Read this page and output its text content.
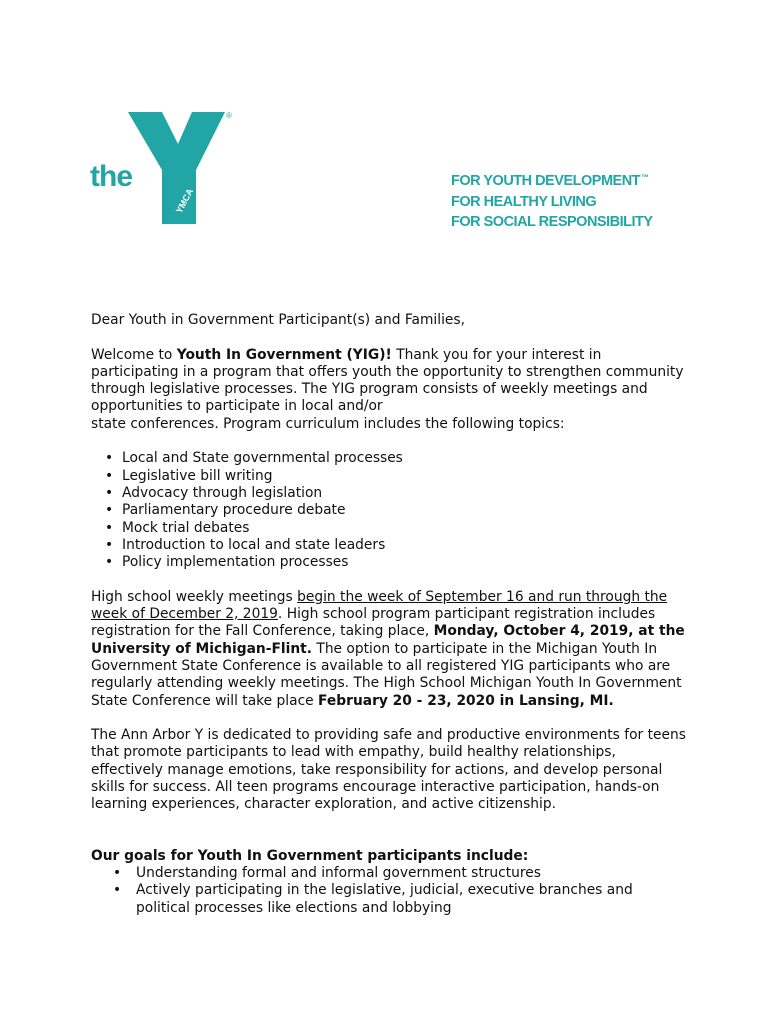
the
YMCA
®
FOR YOUTH DEVELOPMENT™
FOR HEALTHY LIVING
FOR SOCIAL RESPONSIBILITY

Dear Youth in Government Participant(s) and Families,

Welcome to Youth In Government (YIG)! Thank you for your interest in participating in a program that offers youth the opportunity to strengthen community through legislative processes. The YIG program consists of weekly meetings and opportunities to participate in local and/or
state conferences. Program curriculum includes the following topics:

• Local and State governmental processes
• Legislative bill writing
• Advocacy through legislation
• Parliamentary procedure debate
• Mock trial debates
• Introduction to local and state leaders
• Policy implementation processes

High school weekly meetings begin the week of September 16 and run through the week of December 2, 2019. High school program participant registration includes registration for the Fall Conference, taking place, Monday, October 4, 2019, at the University of Michigan-Flint. The option to participate in the Michigan Youth In Government State Conference is available to all registered YIG participants who are regularly attending weekly meetings. The High School Michigan Youth In Government State Conference will take place February 20 - 23, 2020 in Lansing, MI.

The Ann Arbor Y is dedicated to providing safe and productive environments for teens that promote participants to lead with empathy, build healthy relationships, effectively manage emotions, take responsibility for actions, and develop personal skills for success. All teen programs encourage interactive participation, hands-on learning experiences, character exploration, and active citizenship.

Our goals for Youth In Government participants include:

• Understanding formal and informal government structures
• Actively participating in the legislative, judicial, executive branches and political processes like elections and lobbying
